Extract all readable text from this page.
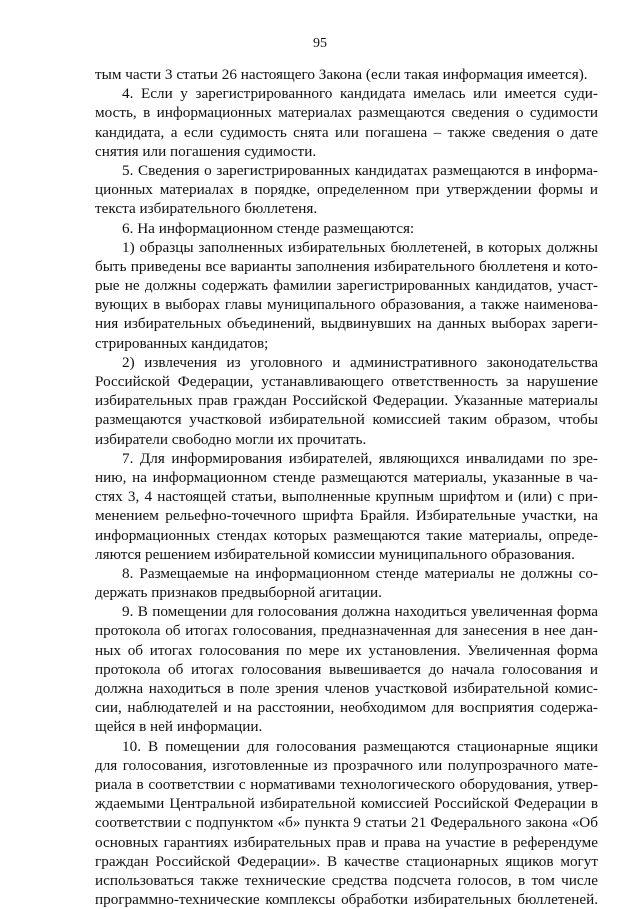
95
тым части 3 статьи 26 настоящего Закона (если такая информация имеется).
4. Если у зарегистрированного кандидата имелась или имеется суди-
мость, в информационных материалах размещаются сведения о судимости
кандидата, а если судимость снята или погашена – также сведения о дате
снятия или погашения судимости.
5. Сведения о зарегистрированных кандидатах размещаются в информа-
ционных материалах в порядке, определенном при утверждении формы и
текста избирательного бюллетеня.
6. На информационном стенде размещаются:
1) образцы заполненных избирательных бюллетеней, в которых должны
быть приведены все варианты заполнения избирательного бюллетеня и кото-
рые не должны содержать фамилии зарегистрированных кандидатов, участ-
вующих в выборах главы муниципального образования, а также наименова-
ния избирательных объединений, выдвинувших на данных выборах зареги-
стрированных кандидатов;
2) извлечения из уголовного и административного законодательства
Российской Федерации, устанавливающего ответственность за нарушение
избирательных прав граждан Российской Федерации. Указанные материалы
размещаются участковой избирательной комиссией таким образом, чтобы
избиратели свободно могли их прочитать.
7. Для информирования избирателей, являющихся инвалидами по зре-
нию, на информационном стенде размещаются материалы, указанные в ча-
стях 3, 4 настоящей статьи, выполненные крупным шрифтом и (или) с при-
менением рельефно-точечного шрифта Брайля. Избирательные участки, на
информационных стендах которых размещаются такие материалы, опреде-
ляются решением избирательной комиссии муниципального образования.
8. Размещаемые на информационном стенде материалы не должны со-
держать признаков предвыборной агитации.
9. В помещении для голосования должна находиться увеличенная форма
протокола об итогах голосования, предназначенная для занесения в нее дан-
ных об итогах голосования по мере их установления. Увеличенная форма
протокола об итогах голосования вывешивается до начала голосования и
должна находиться в поле зрения членов участковой избирательной комис-
сии, наблюдателей и на расстоянии, необходимом для восприятия содержа-
щейся в ней информации.
10. В помещении для голосования размещаются стационарные ящики
для голосования, изготовленные из прозрачного или полупрозрачного мате-
риала в соответствии с нормативами технологического оборудования, утвер-
ждаемыми Центральной избирательной комиссией Российской Федерации в
соответствии с подпунктом «б» пункта 9 статьи 21 Федерального закона «Об
основных гарантиях избирательных прав и права на участие в референдуме
граждан Российской Федерации». В качестве стационарных ящиков могут
использоваться также технические средства подсчета голосов, в том числе
программно-технические комплексы обработки избирательных бюллетеней.
